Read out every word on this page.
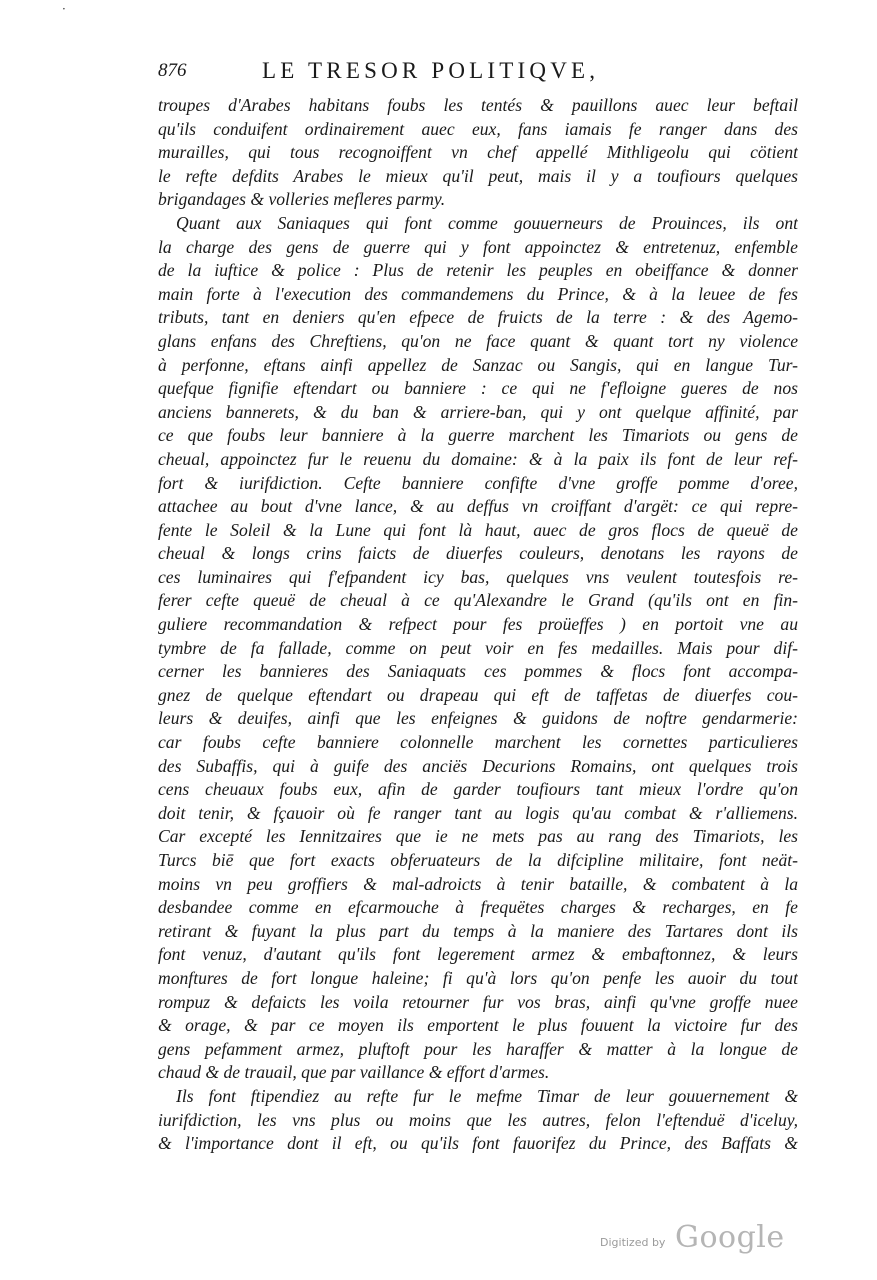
·
876	LE TRESOR POLITIQVE,
troupes d'Arabes habitans foubs les tentés & pauillons auec leur beftail
qu'ils conduifent ordinairement auec eux, fans iamais fe ranger dans des
murailles, qui tous recognoiffent vn chef appellé Mithligeolu qui cötient
le refte defdits Arabes le mieux qu'il peut, mais il y a toufiours quelques
brigandages & volleries mefleres parmy.
Quant aux Saniaques qui font comme gouuerneurs de Prouinces, ils ont
la charge des gens de guerre qui y font appoinctez & entretenuz, enfemble
de la iuftice & police : Plus de retenir les peuples en obeiffance & donner
main forte à l'execution des commandemens du Prince, & à la leuee de fes
tributs, tant en deniers qu'en efpece de fruicts de la terre : & des Agemo-
glans enfans des Chreftiens, qu'on ne face quant & quant tort ny violence
à perfonne, eftans ainfi appellez de Sanzac ou Sangis, qui en langue Tur-
quefque fignifie eftendart ou banniere : ce qui ne f'efloigne gueres de nos
anciens bannerets, & du ban & arriere-ban, qui y ont quelque affinité, par
ce que foubs leur banniere à la guerre marchent les Timariots ou gens de
cheual, appoinctez fur le reuenu du domaine: & à la paix ils font de leur ref-
fort & iurifdiction. Cefte banniere confifte d'vne groffe pomme d'oree,
attachee au bout d'vne lance, & au deffus vn croiffant d'argët: ce qui repre-
fente le Soleil & la Lune qui font là haut, auec de gros flocs de queuë de
cheual & longs crins faicts de diuerfes couleurs, denotans les rayons de
ces luminaires qui f'efpandent icy bas, quelques vns veulent toutesfois re-
ferer cefte queuë de cheual à ce qu'Alexandre le Grand (qu'ils ont en fin-
guliere recommandation & refpect pour fes proüeffes ) en portoit vne au
tymbre de fa fallade, comme on peut voir en fes medailles. Mais pour dif-
cerner les bannieres des Saniaquats ces pommes & flocs font accompa-
gnez de quelque eftendart ou drapeau qui eft de taffetas de diuerfes cou-
leurs & deuifes, ainfi que les enfeignes & guidons de noftre gendarmerie:
car foubs cefte banniere colonnelle marchent les cornettes particulieres
des Subaffis, qui à guife des anciës Decurions Romains, ont quelques trois
cens cheuaux foubs eux, afin de garder toufiours tant mieux l'ordre qu'on
doit tenir, & fçauoir où fe ranger tant au logis qu'au combat & r'alliemens.
Car excepté les Iennitzaires que ie ne mets pas au rang des Timariots, les
Turcs biē que fort exacts obferuateurs de la difcipline militaire, font neät-
moins vn peu groffiers & mal-adroicts à tenir bataille, & combatent à la
desbandee comme en efcarmouche à frequëtes charges & recharges, en fe
retirant & fuyant la plus part du temps à la maniere des Tartares dont ils
font venuz, d'autant qu'ils font legerement armez & embaftonnez, & leurs
monftures de fort longue haleine; fi qu'à lors qu'on penfe les auoir du tout
rompuz & defaicts les voila retourner fur vos bras, ainfi qu'vne groffe nuee
& orage, & par ce moyen ils emportent le plus fouuent la victoire fur des
gens pefamment armez, pluftoft pour les haraffer & matter à la longue de
chaud & de trauail, que par vaillance & effort d'armes.
Ils font ftipendiez au refte fur le mefme Timar de leur gouuernement &
iurifdiction, les vns plus ou moins que les autres, felon l'eftenduë d'iceluy,
& l'importance dont il eft, ou qu'ils font fauorifez du Prince, des Baffats &
Digitized by Google
